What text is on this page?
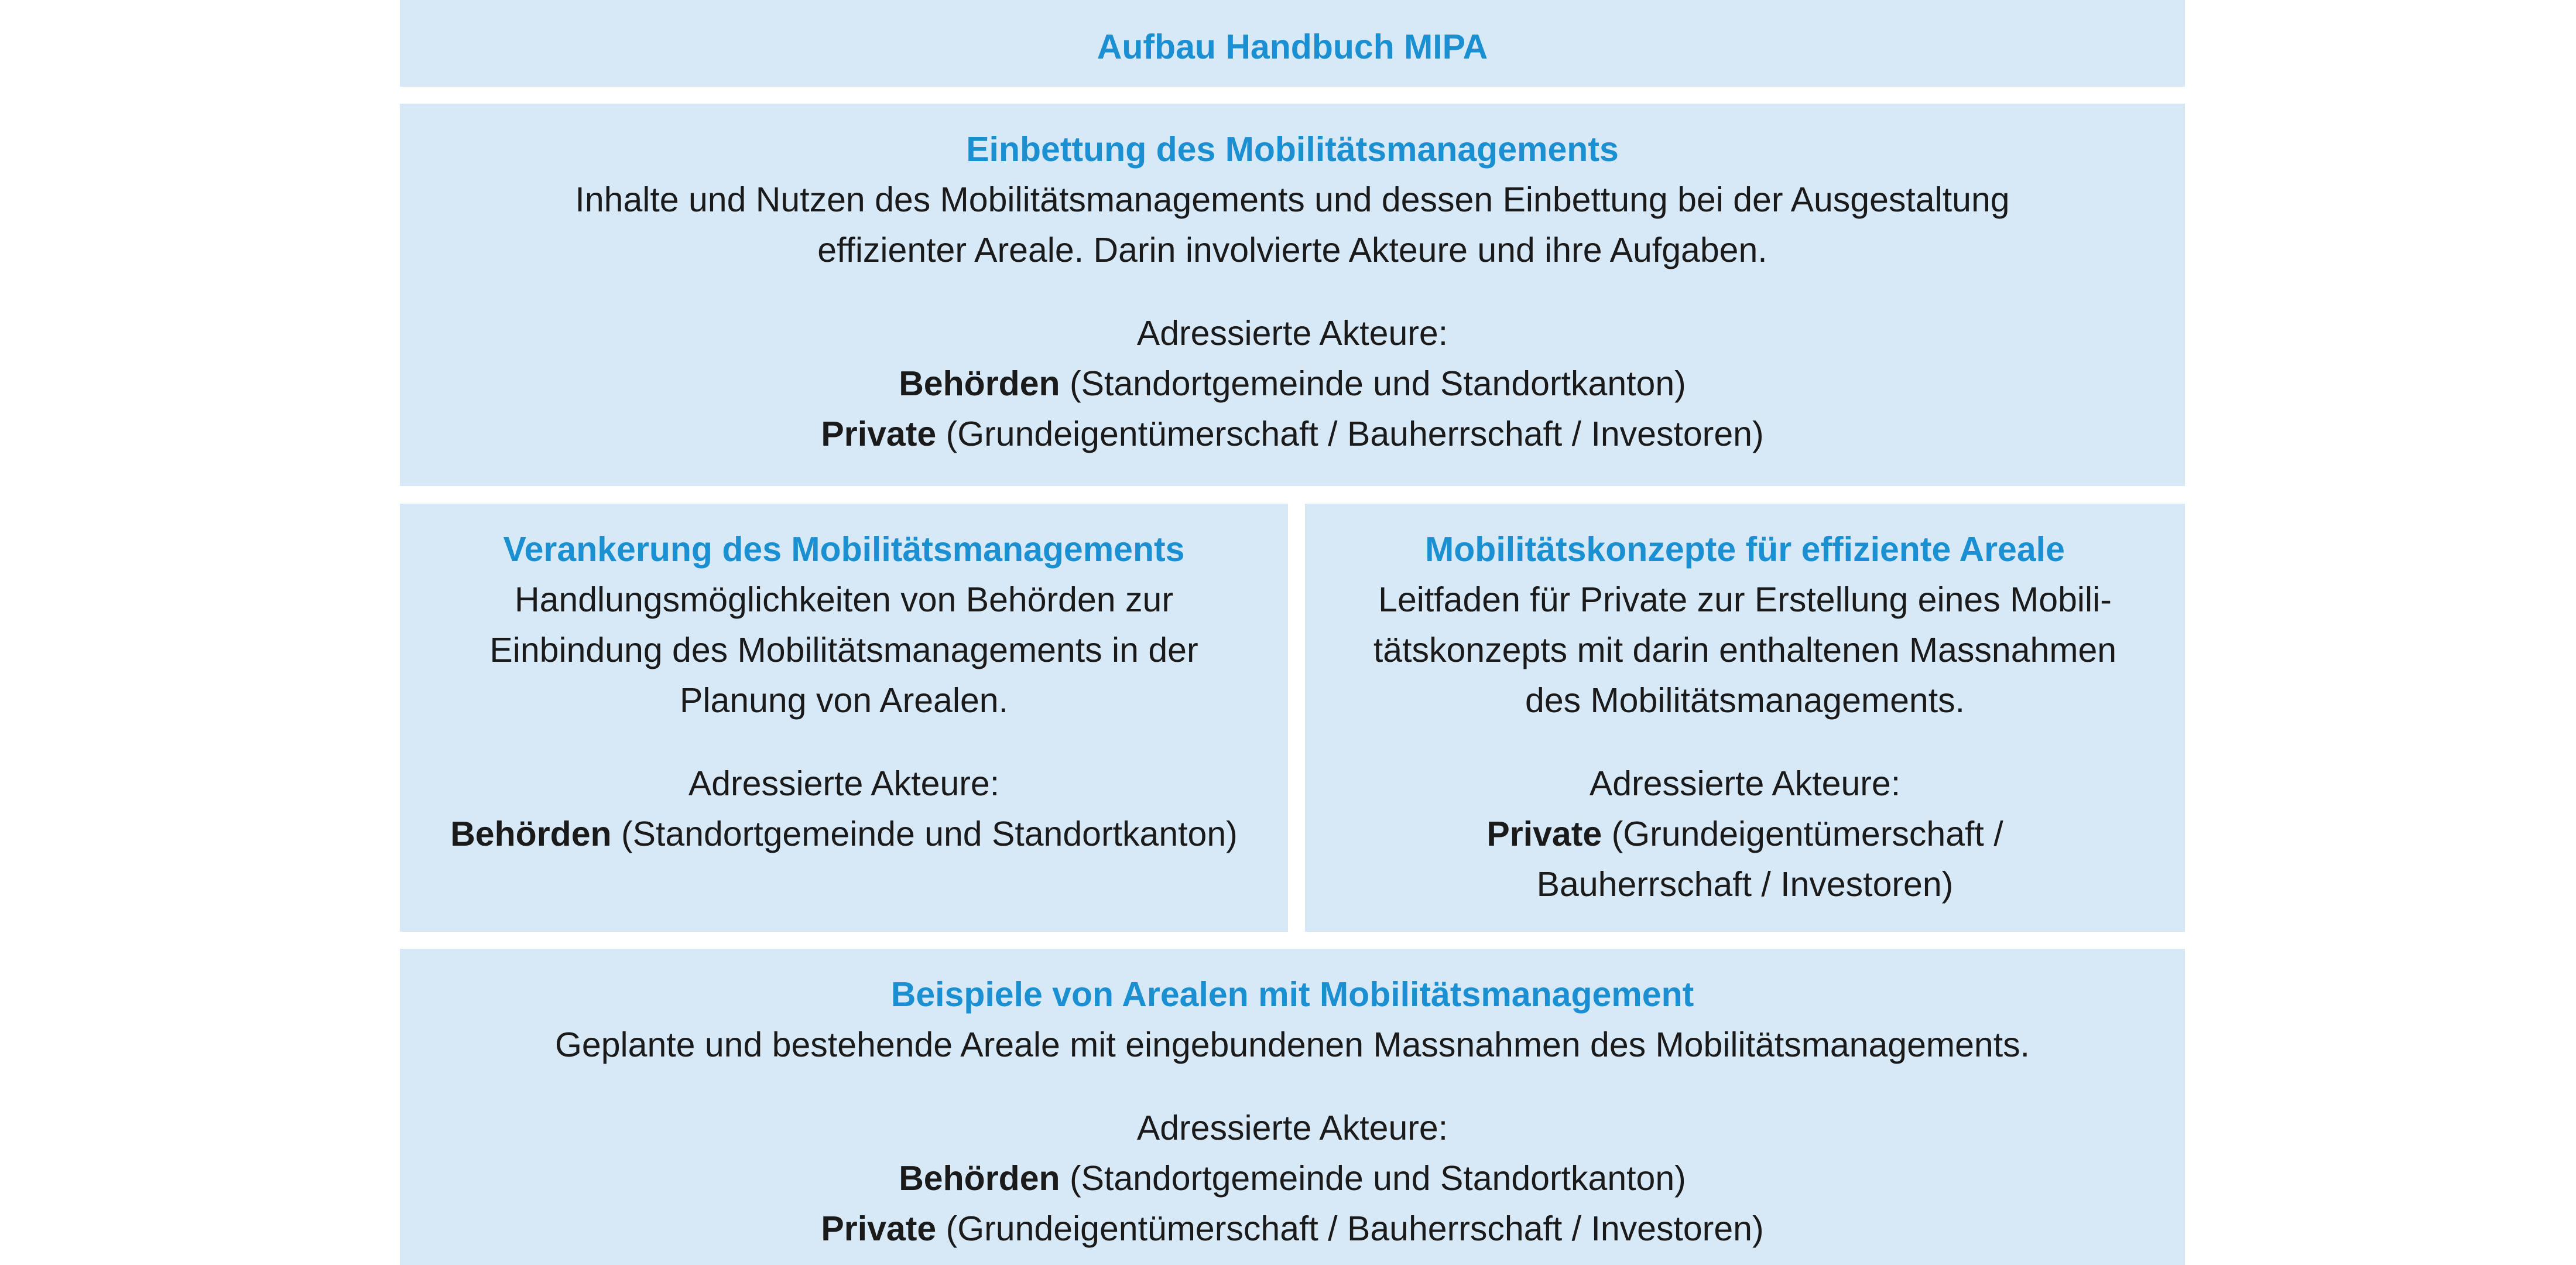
Aufbau Handbuch MIPA

Einbettung des Mobilitätsmanagements

Inhalte und Nutzen des Mobilitätsmanagements und dessen Einbettung bei der Ausgestaltung

effizienter Areale. Darin involvierte Akteure und ihre Aufgaben.

Adressierte Akteure:

Behörden (Standortgemeinde und Standortkanton)

Private (Grundeigentümerschaft / Bauherrschaft / Investoren)

Verankerung des Mobilitätsmanagements

Handlungsmöglichkeiten von Behörden zur

Einbindung des Mobilitätsmanagements in der

Planung von Arealen.

Adressierte Akteure:

Behörden (Standortgemeinde und Standortkanton)

Mobilitätskonzepte für effiziente Areale

Leitfaden für Private zur Erstellung eines Mobili-

tätskonzepts mit darin enthaltenen Massnahmen

des Mobilitätsmanagements.

Adressierte Akteure:

Private (Grundeigentümerschaft /

Bauherrschaft / Investoren)

Beispiele von Arealen mit Mobilitätsmanagement

Geplante und bestehende Areale mit eingebundenen Massnahmen des Mobilitätsmanagements.

Adressierte Akteure:

Behörden (Standortgemeinde und Standortkanton)

Private (Grundeigentümerschaft / Bauherrschaft / Investoren)
